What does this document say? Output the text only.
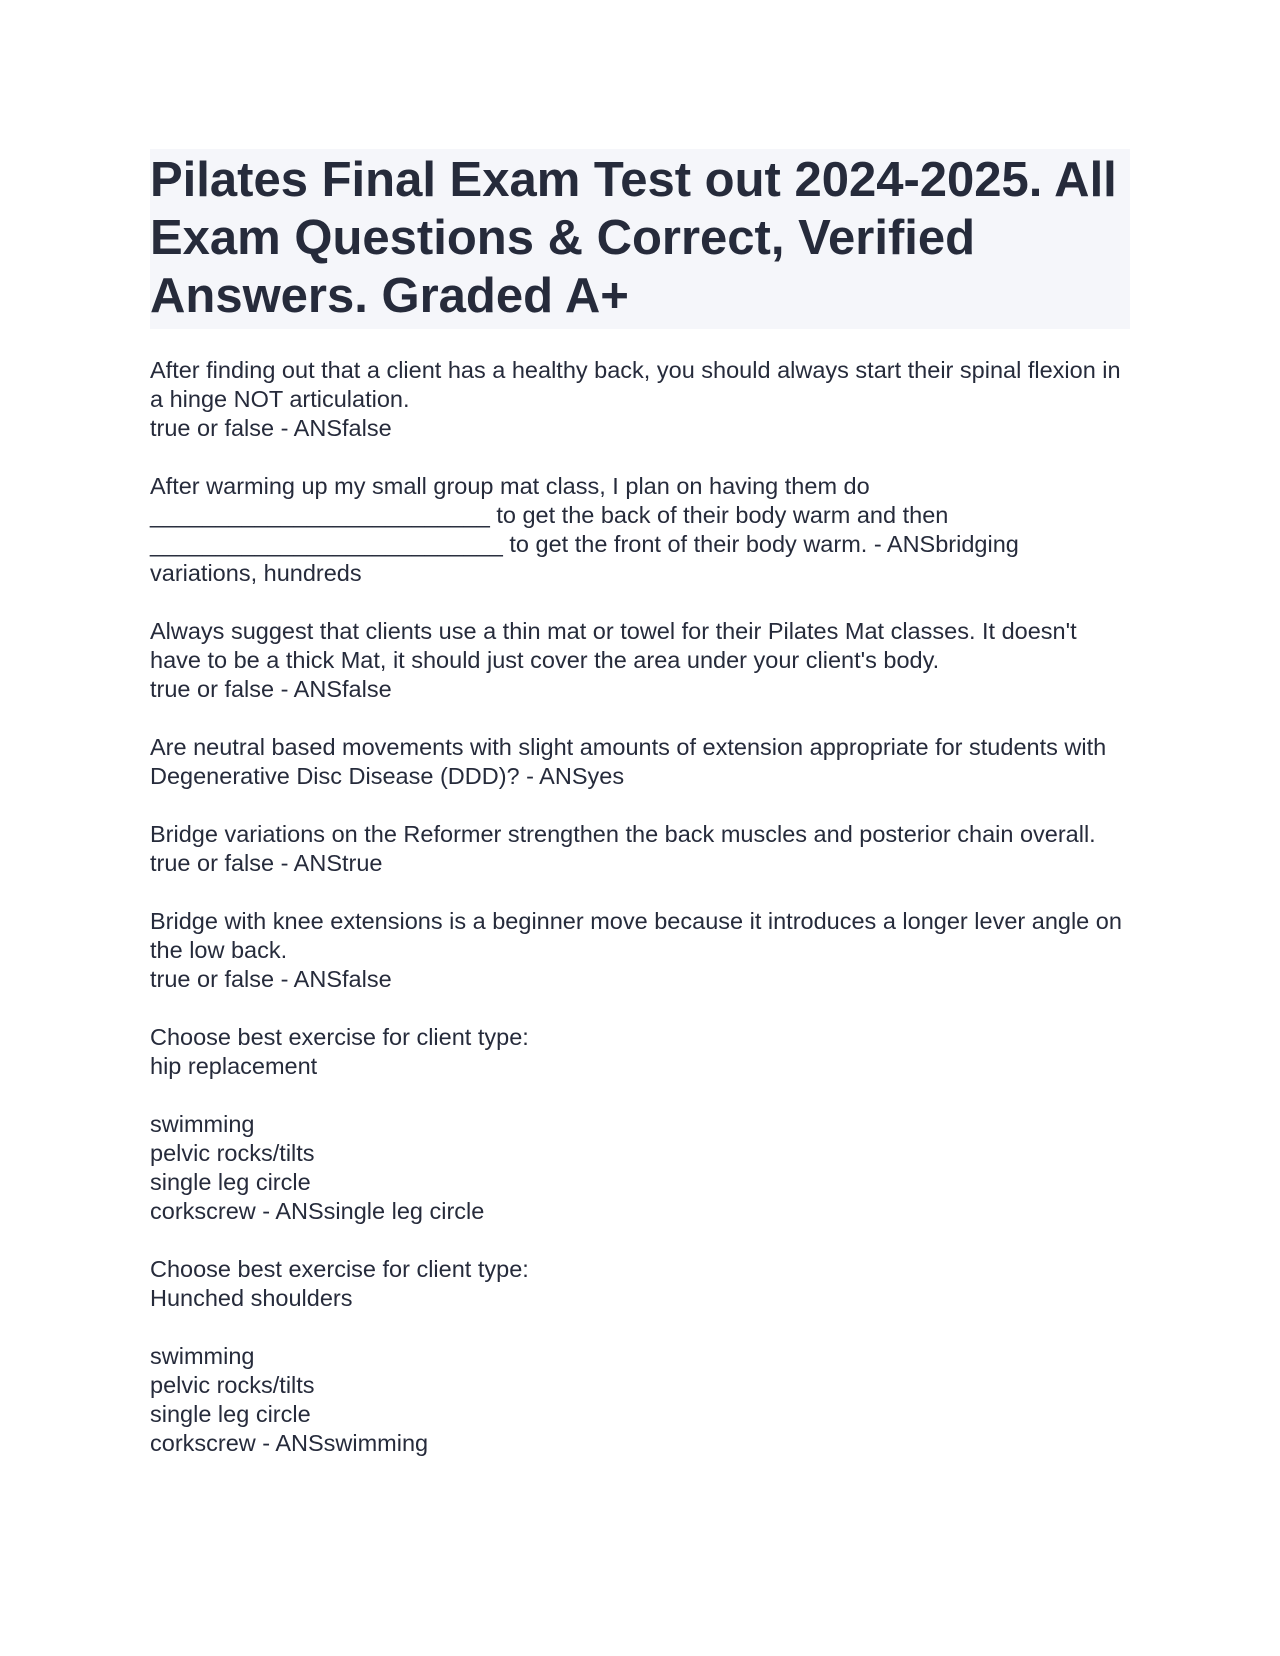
Pilates Final Exam Test out 2024-2025. All Exam Questions & Correct, Verified Answers. Graded A+

After finding out that a client has a healthy back, you should always start their spinal flexion in a hinge NOT articulation.
true or false - ANSfalse

After warming up my small group mat class, I plan on having them do
__________________________ to get the back of their body warm and then
___________________________ to get the front of their body warm. - ANSbridging variations, hundreds

Always suggest that clients use a thin mat or towel for their Pilates Mat classes. It doesn't have to be a thick Mat, it should just cover the area under your client's body.
true or false - ANSfalse

Are neutral based movements with slight amounts of extension appropriate for students with Degenerative Disc Disease (DDD)? - ANSyes

Bridge variations on the Reformer strengthen the back muscles and posterior chain overall.
true or false - ANStrue

Bridge with knee extensions is a beginner move because it introduces a longer lever angle on the low back.
true or false - ANSfalse

Choose best exercise for client type:
hip replacement

swimming
pelvic rocks/tilts
single leg circle
corkscrew - ANSsingle leg circle

Choose best exercise for client type:
Hunched shoulders

swimming
pelvic rocks/tilts
single leg circle
corkscrew - ANSswimming
